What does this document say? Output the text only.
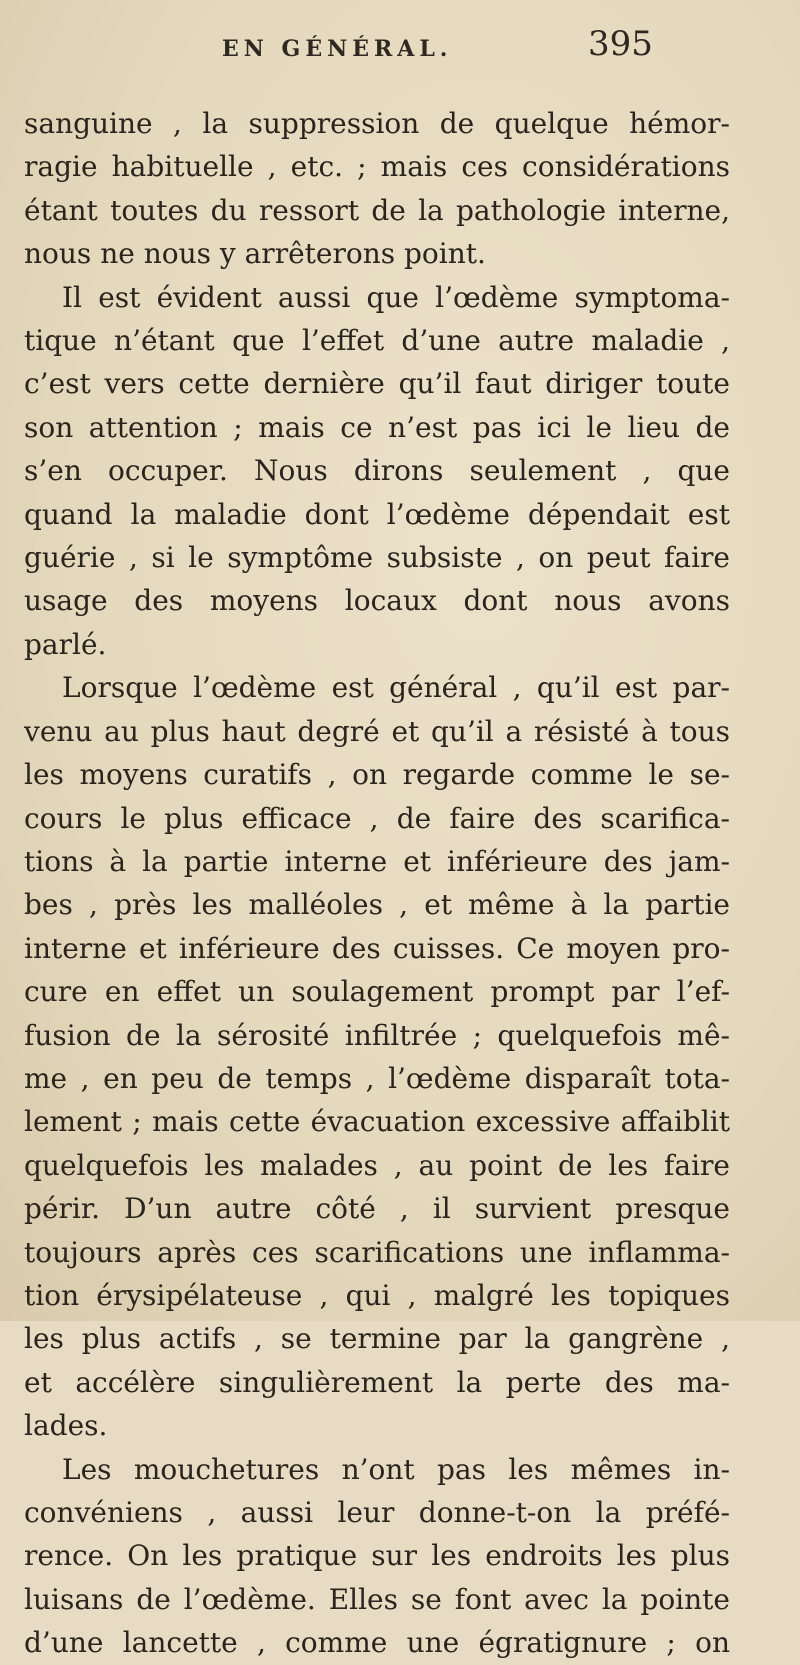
EN GÉNÉRAL.	395

sanguine , la suppression de quelque hémor-

ragie habituelle , etc. ; mais ces considérations

étant toutes du ressort de la pathologie interne,

nous ne nous y arrêterons point.

Il est évident aussi que l’œdème symptoma-

tique n’étant que l’effet d’une autre maladie ,

c’est vers cette dernière qu’il faut diriger toute

son attention ; mais ce n’est pas ici le lieu de

s’en occuper. Nous dirons seulement , que

quand la maladie dont l’œdème dépendait est

guérie , si le symptôme subsiste , on peut faire

usage des moyens locaux dont nous avons

parlé.

Lorsque l’œdème est général , qu’il est par-

venu au plus haut degré et qu’il a résisté à tous

les moyens curatifs , on regarde comme le se-

cours le plus efficace , de faire des scarifica-

tions à la partie interne et inférieure des jam-

bes , près les malléoles , et même à la partie

interne et inférieure des cuisses. Ce moyen pro-

cure en effet un soulagement prompt par l’ef-

fusion de la sérosité infiltrée ; quelquefois mê-

me , en peu de temps , l’œdème disparaît tota-

lement ; mais cette évacuation excessive affaiblit

quelquefois les malades , au point de les faire

périr. D’un autre côté , il survient presque

toujours après ces scarifications une inflamma-

tion érysipélateuse , qui , malgré les topiques

les plus actifs , se termine par la gangrène ,

et accélère singulièrement la perte des ma-

lades.

Les mouchetures n’ont pas les mêmes in-

convéniens , aussi leur donne-t-on la préfé-

rence. On les pratique sur les endroits les plus

luisans de l’œdème. Elles se font avec la pointe

d’une lancette , comme une égratignure ; on
